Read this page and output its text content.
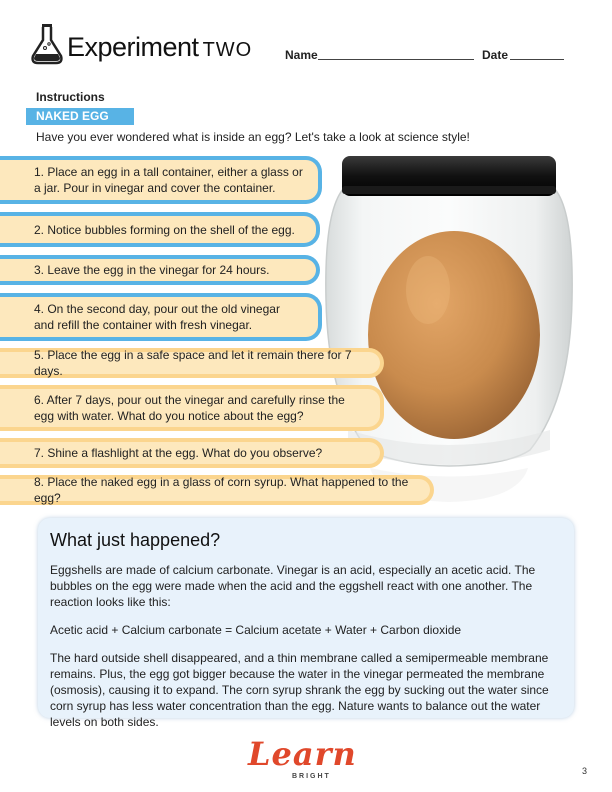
Experiment TWO	Name	Date
Instructions
NAKED EGG
Have you ever wondered what is inside an egg? Let's take a look at science style!
1. Place an egg in a tall container, either a glass or
a jar. Pour in vinegar and cover the container.
2. Notice bubbles forming on the shell of the egg.
3. Leave the egg in the vinegar for 24 hours.
4. On the second day, pour out the old vinegar
and refill the container with fresh vinegar.
5. Place the egg in a safe space and let it remain there for 7 days.
6. After 7 days, pour out the vinegar and carefully rinse the
egg with water. What do you notice about the egg?
7. Shine a flashlight at the egg. What do you observe?
8. Place the naked egg in a glass of corn syrup. What happened to the egg?
What just happened?

Eggshells are made of calcium carbonate. Vinegar is an acid, especially an acetic acid. The bubbles on the egg were made when the acid and the eggshell react with one another. The reaction looks like this:

Acetic acid + Calcium carbonate = Calcium acetate + Water + Carbon dioxide

The hard outside shell disappeared, and a thin membrane called a semipermeable membrane remains. Plus, the egg got bigger because the water in the vinegar permeated the membrane (osmosis), causing it to expand. The corn syrup shrank the egg by sucking out the water since corn syrup has less water concentration than the egg. Nature wants to balance out the water levels on both sides.

Learn
BRIGHT
3
